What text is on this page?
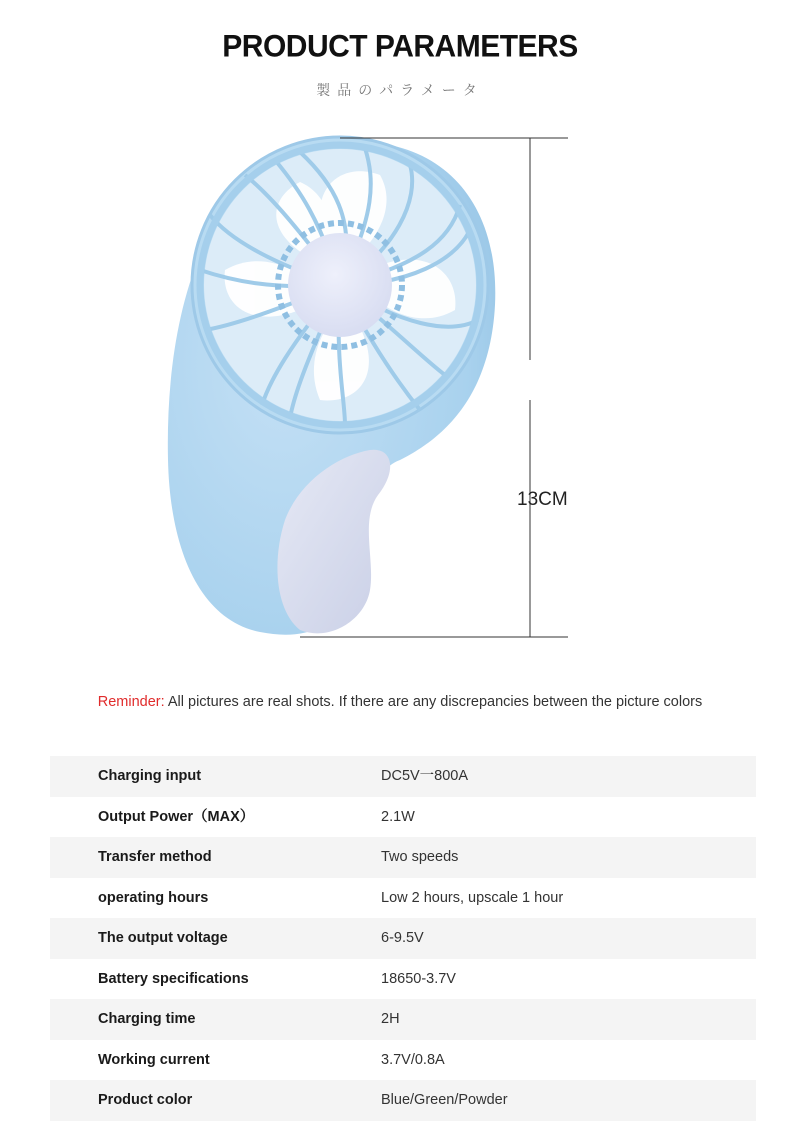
PRODUCT PARAMETERS
製品のパラメータ
13CM
Reminder: All pictures are real shots. If there are any discrepancies between the picture colors
Charging input	DC5V一800A
Output Power（MAX）	2.1W
Transfer method	Two speeds
operating hours	Low 2 hours, upscale 1 hour
The output voltage	6-9.5V
Battery specifications	18650-3.7V
Charging time	2H
Working current	3.7V/0.8A
Product color	Blue/Green/Powder
